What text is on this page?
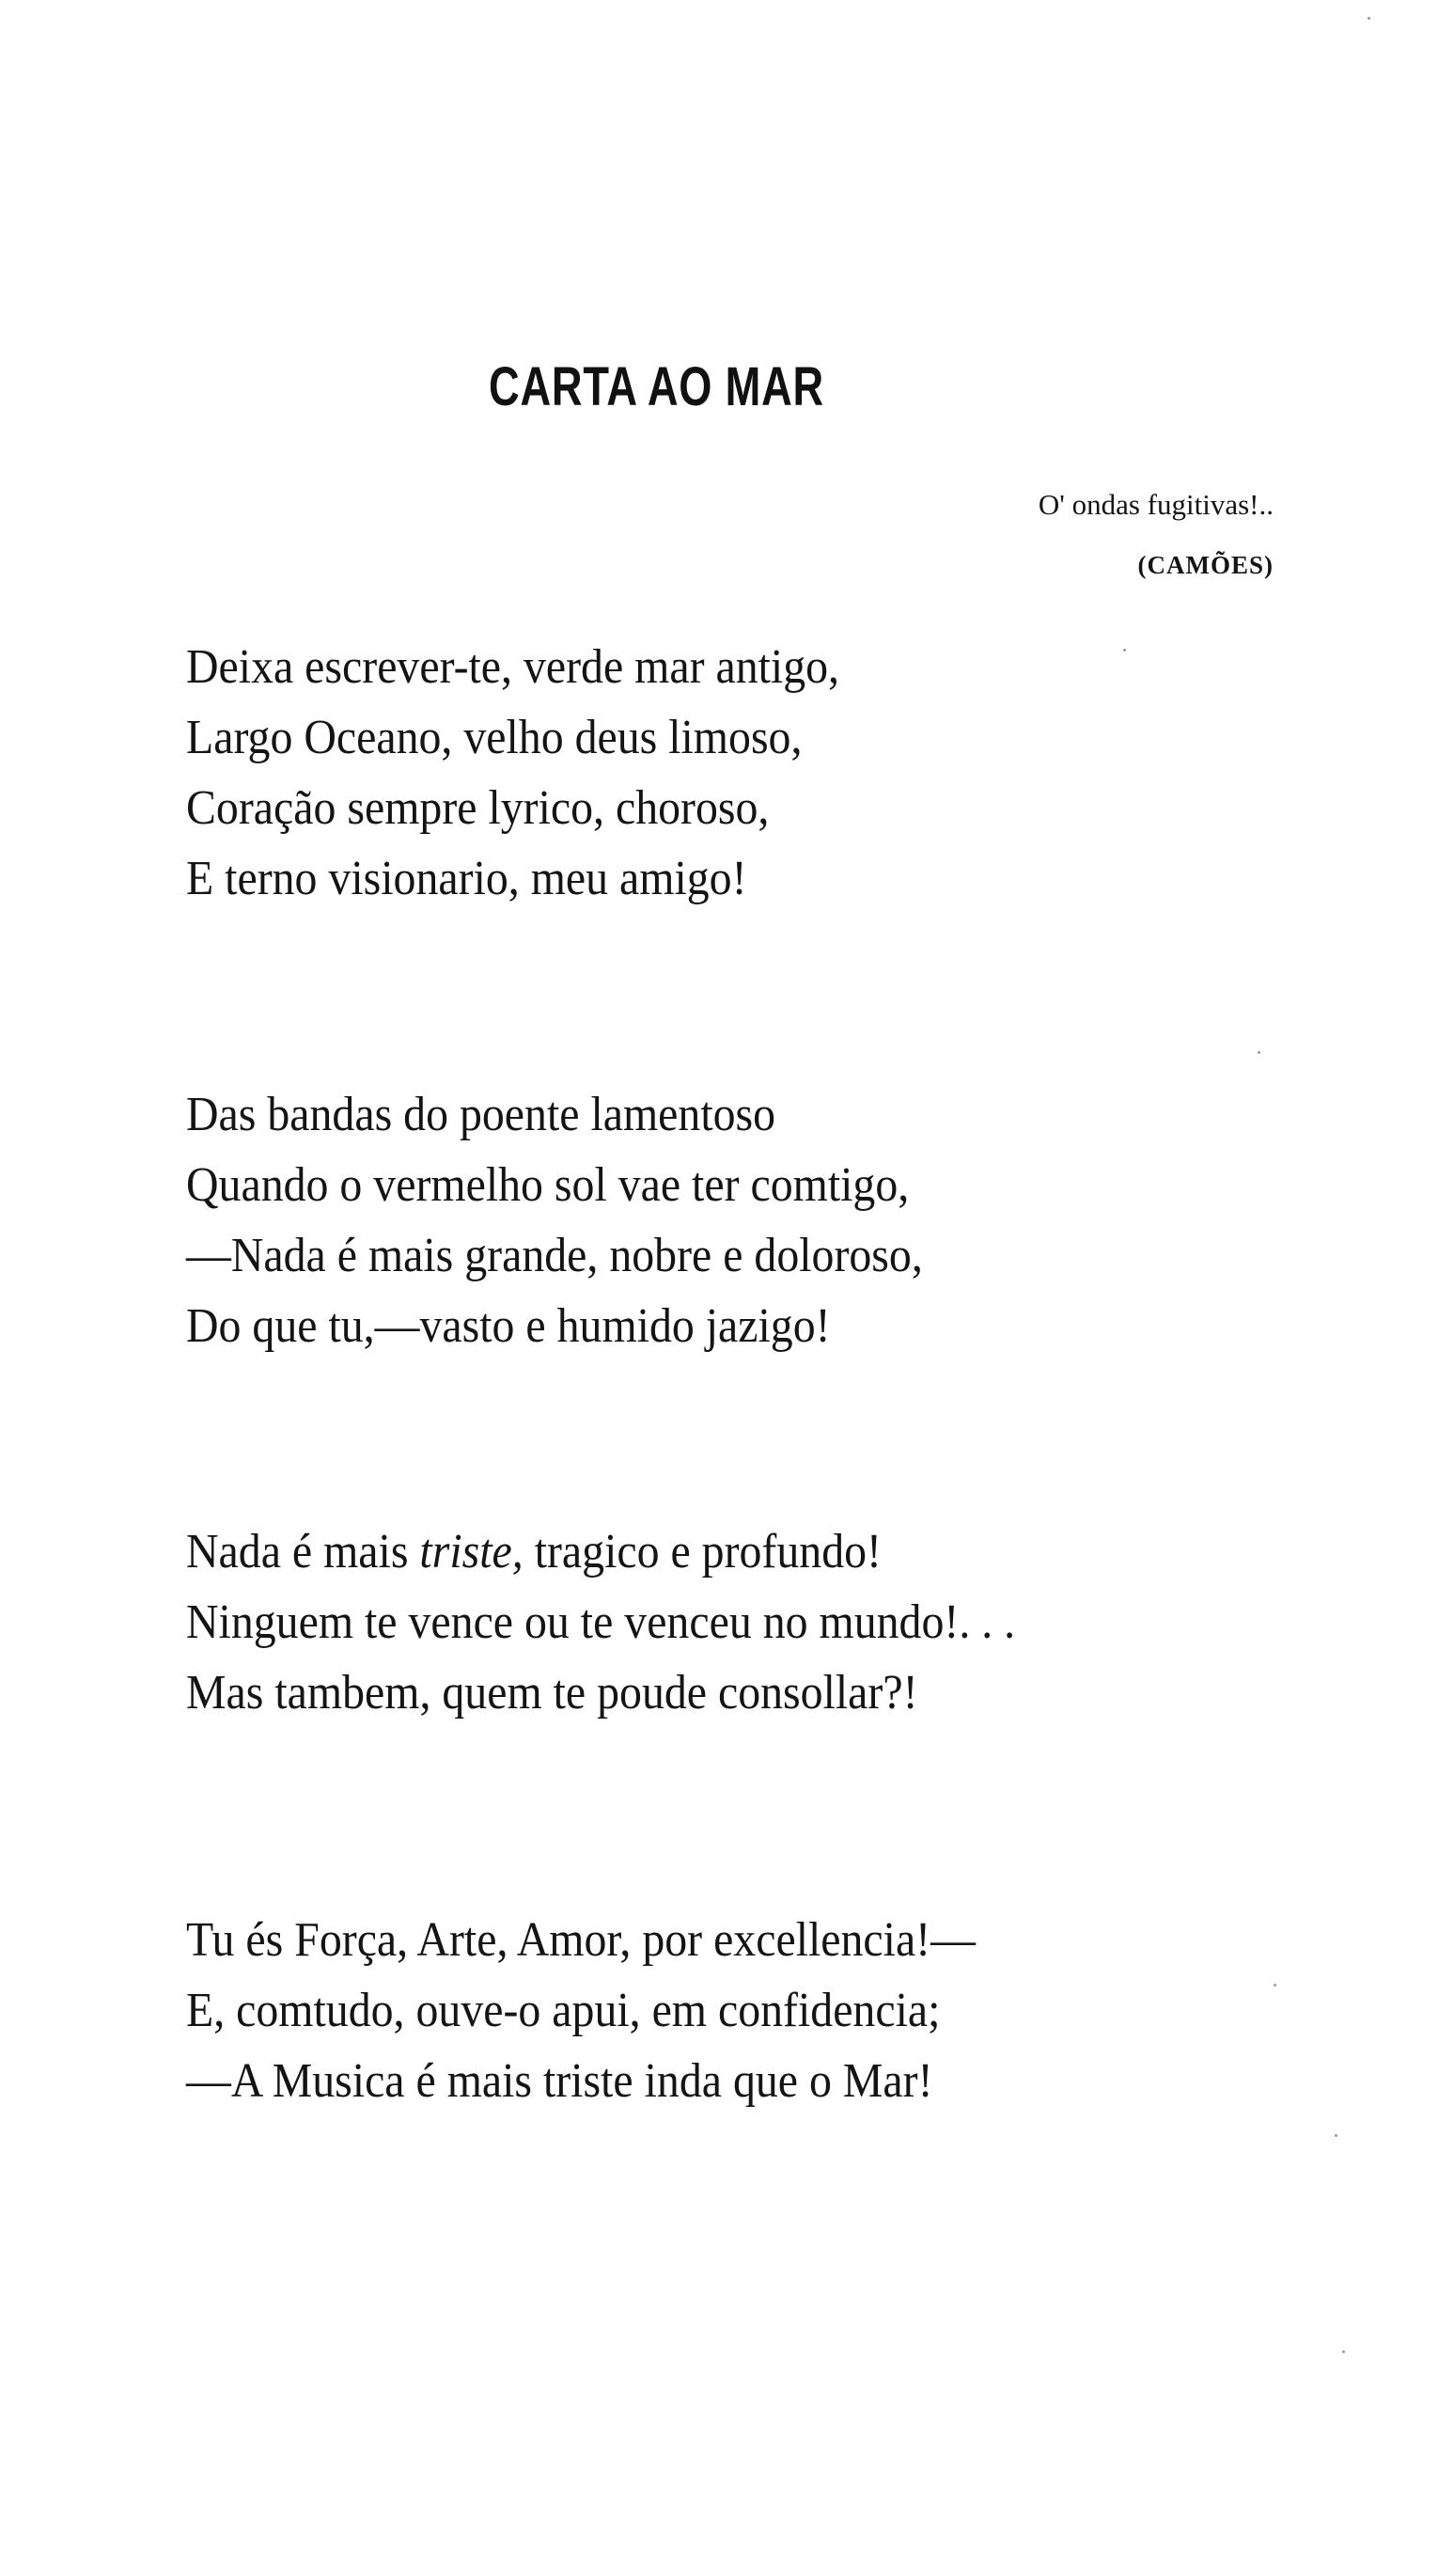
CARTA AO MAR
O' ondas fugitivas!..
(CAMÕES)

Deixa escrever-te, verde mar antigo,
Largo Oceano, velho deus limoso,
Coração sempre lyrico, choroso,
E terno visionario, meu amigo!

Das bandas do poente lamentoso
Quando o vermelho sol vae ter comtigo,
—Nada é mais grande, nobre e doloroso,
Do que tu,—vasto e humido jazigo!

Nada é mais triste, tragico e profundo!
Ninguem te vence ou te venceu no mundo!. . .
Mas tambem, quem te poude consollar?!

Tu és Força, Arte, Amor, por excellencia!—
E, comtudo, ouve-o apui, em confidencia;
—A Musica é mais triste inda que o Mar!
